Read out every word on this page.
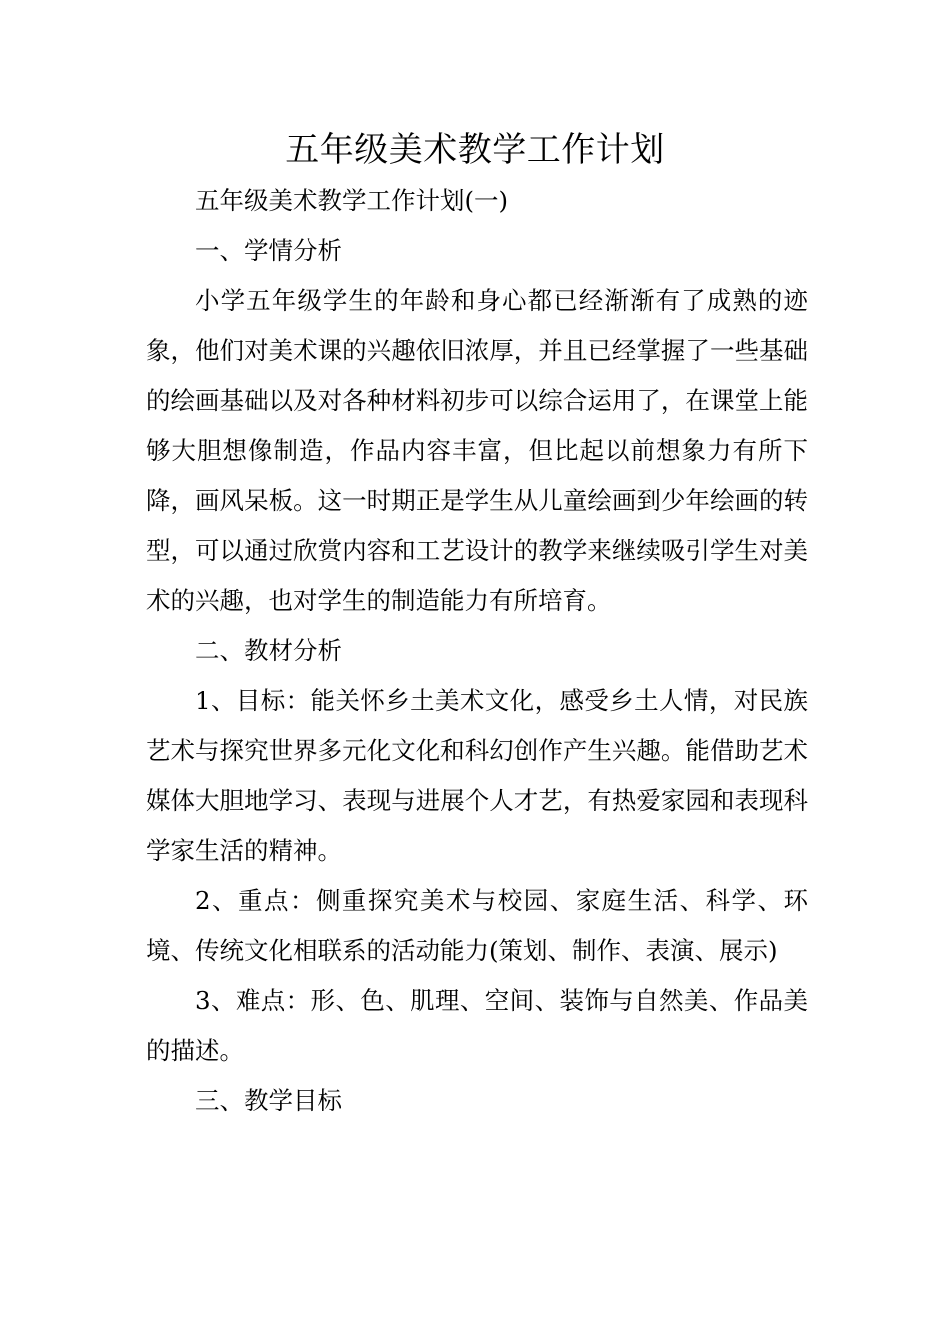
五年级美术教学工作计划

五年级美术教学工作计划(一)

一、学情分析

小学五年级学生的年龄和身心都已经渐渐有了成熟的迹象，他们对美术课的兴趣依旧浓厚，并且已经掌握了一些基础的绘画基础以及对各种材料初步可以综合运用了，在课堂上能够大胆想像制造，作品内容丰富，但比起以前想象力有所下降，画风呆板。这一时期正是学生从儿童绘画到少年绘画的转型，可以通过欣赏内容和工艺设计的教学来继续吸引学生对美术的兴趣，也对学生的制造能力有所培育。

二、教材分析

1、目标：能关怀乡土美术文化，感受乡土人情，对民族艺术与探究世界多元化文化和科幻创作产生兴趣。能借助艺术媒体大胆地学习、表现与进展个人才艺，有热爱家园和表现科学家生活的精神。

2、重点：侧重探究美术与校园、家庭生活、科学、环境、传统文化相联系的活动能力(策划、制作、表演、展示)

3、难点：形、色、肌理、空间、装饰与自然美、作品美的描述。

三、教学目标
